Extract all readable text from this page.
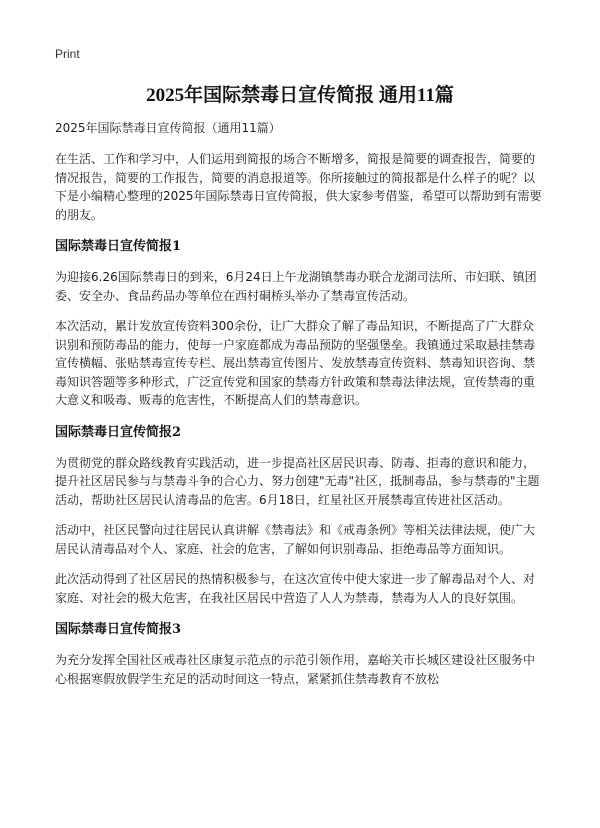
Print
2025年国际禁毒日宣传简报 通用11篇
2025年国际禁毒日宣传简报（通用11篇）

在生活、工作和学习中，人们运用到简报的场合不断增多，简报是简要的调查报告，简要的情况报告，简要的工作报告，简要的消息报道等。你所接触过的简报都是什么样子的呢？以下是小编精心整理的2025年国际禁毒日宣传简报，供大家参考借鉴，希望可以帮助到有需要的朋友。

国际禁毒日宣传简报1

为迎接6.26国际禁毒日的到来，6月24日上午龙湖镇禁毒办联合龙湖司法所、市妇联、镇团委、安全办、食品药品办等单位在西村硐桥头举办了禁毒宣传活动。

本次活动，累计发放宣传资料300余份，让广大群众了解了毒品知识，不断提高了广大群众识别和预防毒品的能力，使每一户家庭都成为毒品预防的坚强堡垒。我镇通过采取悬挂禁毒宣传横幅、张贴禁毒宣传专栏、展出禁毒宣传图片、发放禁毒宣传资料、禁毒知识咨询、禁毒知识答题等多种形式，广泛宣传党和国家的禁毒方针政策和禁毒法律法规，宣传禁毒的重大意义和吸毒、贩毒的危害性，不断提高人们的禁毒意识。

国际禁毒日宣传简报2

为贯彻党的群众路线教育实践活动，进一步提高社区居民识毒、防毒、拒毒的意识和能力，提升社区居民参与与禁毒斗争的合心力、努力创建"无毒"社区，抵制毒品，参与禁毒的"主题活动，帮助社区居民认清毒品的危害。6月18日，红星社区开展禁毒宣传进社区活动。

活动中，社区民警向过往居民认真讲解《禁毒法》和《戒毒条例》等相关法律法规，使广大居民认清毒品对个人、家庭、社会的危害，了解如何识别毒品、拒绝毒品等方面知识。

此次活动得到了社区居民的热情积极参与，在这次宣传中使大家进一步了解毒品对个人、对家庭、对社会的极大危害，在我社区居民中营造了人人为禁毒，禁毒为人人的良好氛围。

国际禁毒日宣传简报3

为充分发挥全国社区戒毒社区康复示范点的示范引领作用，嘉峪关市长城区建设社区服务中心根据寒假放假学生充足的活动时间这一特点，紧紧抓住禁毒教育不放松
